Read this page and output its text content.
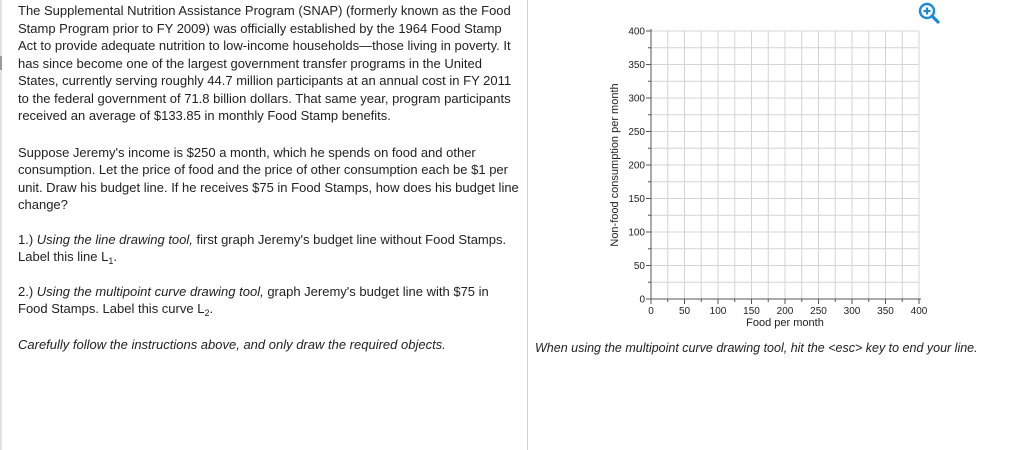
The Supplemental Nutrition Assistance Program (SNAP) (formerly known as the Food Stamp Program prior to FY 2009) was officially established by the 1964 Food Stamp Act to provide adequate nutrition to low-income households—those living in poverty. It has since become one of the largest government transfer programs in the United States, currently serving roughly 44.7 million participants at an annual cost in FY 2011 to the federal government of 71.8 billion dollars. That same year, program participants received an average of $133.85 in monthly Food Stamp benefits.

Suppose Jeremy's income is $250 a month, which he spends on food and other consumption. Let the price of food and the price of other consumption each be $1 per unit. Draw his budget line. If he receives $75 in Food Stamps, how does his budget line change?

1.) Using the line drawing tool, first graph Jeremy's budget line without Food Stamps. Label this line $L_1$.

2.) Using the multipoint curve drawing tool, graph Jeremy's budget line with $75 in Food Stamps. Label this curve $L_2$.

Carefully follow the instructions above, and only draw the required objects.

0
50
100
150
200
250
300
350
400
0	50 100 150 200 250 300 350 400
Food per month
Non-food consumption per month
When using the multipoint curve drawing tool, hit the <esc> key to end your line.
